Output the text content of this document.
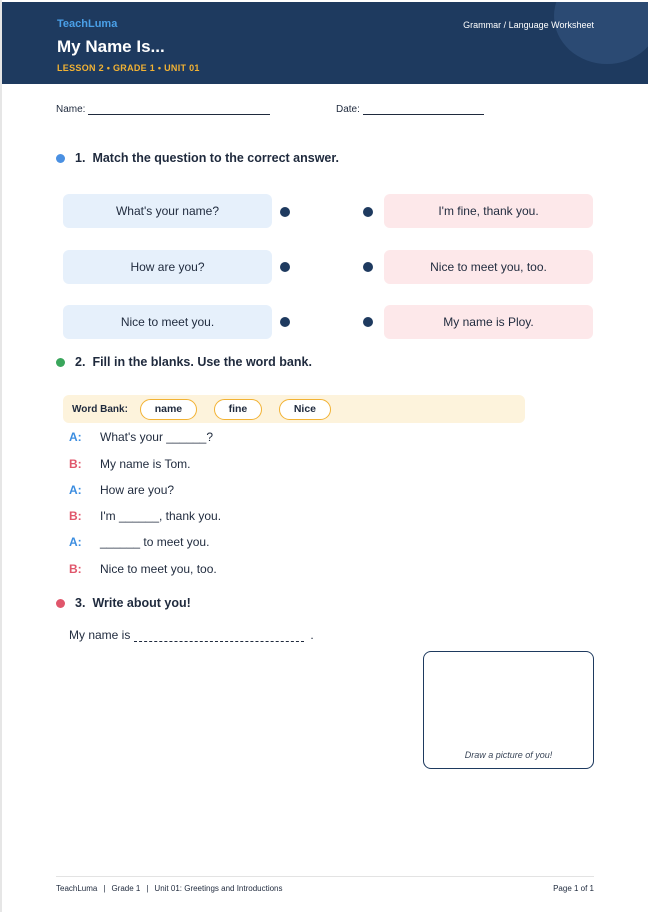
TeachLuma
My Name Is...
LESSON 2 • GRADE 1 • UNIT 01
Grammar / Language Worksheet
Name:	Date:
1. Match the question to the correct answer.
What's your name?	I'm fine, thank you.
How are you?	Nice to meet you, too.
Nice to meet you.	My name is Ploy.
2. Fill in the blanks. Use the word bank.
Word Bank:	name	fine	Nice
A:	What's your ______?
B:	My name is Tom.
A:	How are you?
B:	I'm ______, thank you.
A:	______ to meet you.
B:	Nice to meet you, too.
3. Write about you!
My name is	.
Draw a picture of you!
TeachLuma | Grade 1 | Unit 01: Greetings and Introductions	Page 1 of 1
